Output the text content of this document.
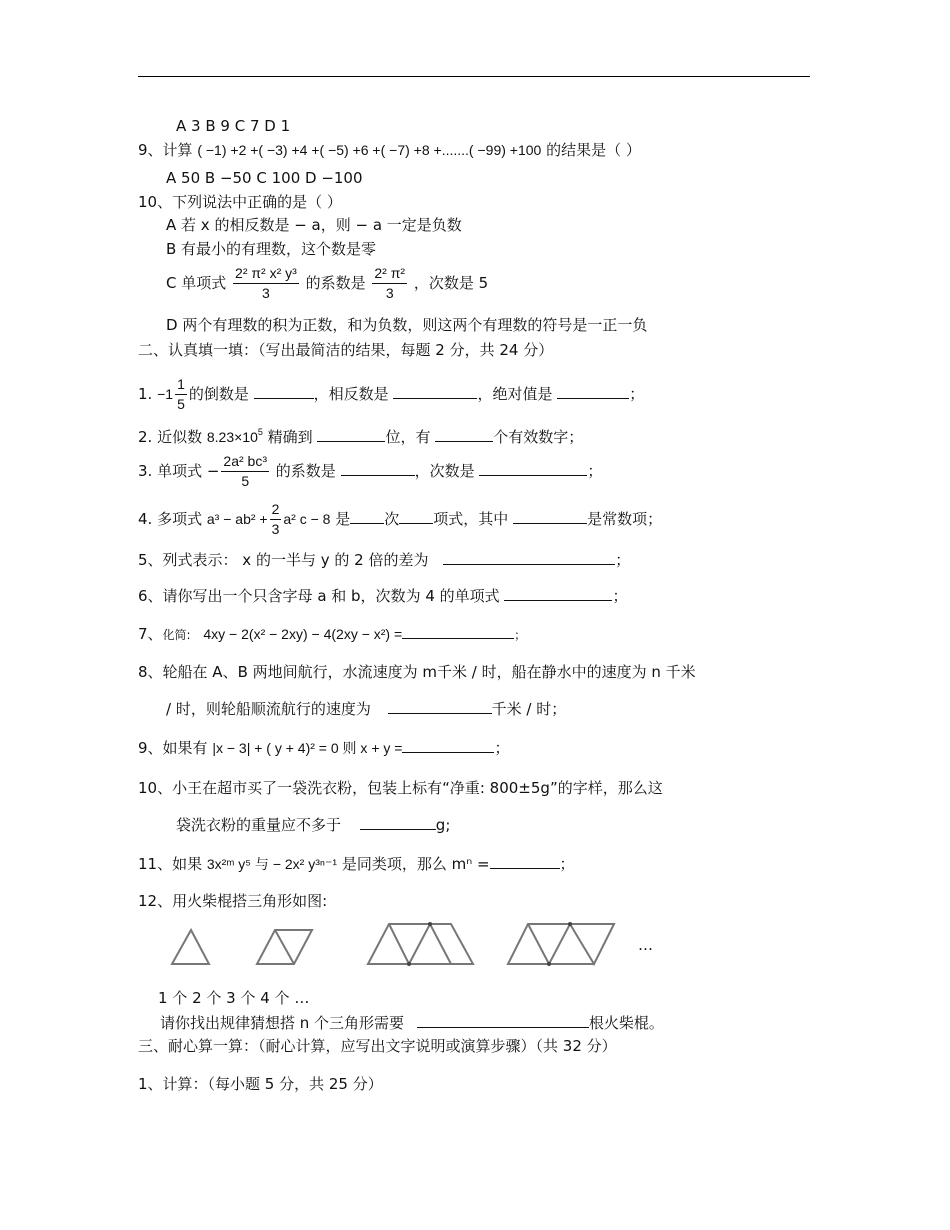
A 3 B 9 C 7 D 1
9、计算 ( −1) +2 +( −3) +4 +( −5) +6 +( −7) +8 +.......( −99) +100 的结果是（ ）
A 50 B −50 C 100 D −100
10、下列说法中正确的是（ ）
A 若 x 的相反数是 − a，则 − a 一定是负数
B 有最小的有理数，这个数是零
C 单项式 $\frac{\text{2² π² x² y³}}{3}$ 的系数是 $\frac{\text{2² π²}}{3}$ ，次数是 5
D 两个有理数的积为正数，和为负数，则这两个有理数的符号是一正一负
二、认真填一填：（写出最简洁的结果，每题 2 分，共 24 分）
1. $-1 \frac{1}{5}$ 的倒数是	，相反数是	，绝对值是	；
2. 近似数 $8.23\times 10^5$ 精确到	位，有	个有效数字；
3. 单项式 − $\frac{\text{2a² bc³}}{5}$ 的系数是	，次数是	；
4. 多项式 $a^3 - ab^2 + \frac{2}{3} a^2$ c − 8 是 次 项式，其中	是常数项；
5、列式表示： x 的一半与 y 的 2 倍的差为	；
6、请你写出一个只含字母 a 和 b，次数为 4 的单项式	；
7、化简: 4xy − 2(x² − 2xy) − 4(2xy − x²) =	；
8、轮船在 A、B 两地间航行，水流速度为 m千米 / 时，船在静水中的速度为 n 千米
/ 时，则轮船顺流航行的速度为	千米 / 时；
9、如果有 |x − 3| + ( y + 4)² = 0 则 x + y =	；
10、小王在超市买了一袋洗衣粉，包装上标有“净重: 800±5g”的字样，那么这
袋洗衣粉的重量应不多于	g;
11、如果 3x²ᵐ y⁵ 与 − 2x² y³ⁿ⁻¹ 是同类项，那么 mⁿ =	；
12、用火柴棍搭三角形如图:
…
1 个 2 个 3 个 4 个 …
请你找出规律猜想搭 n 个三角形需要	根火柴棍。
三、耐心算一算：（耐心计算，应写出文字说明或演算步骤）（共 32 分）
1、计算：（每小题 5 分，共 25 分）
